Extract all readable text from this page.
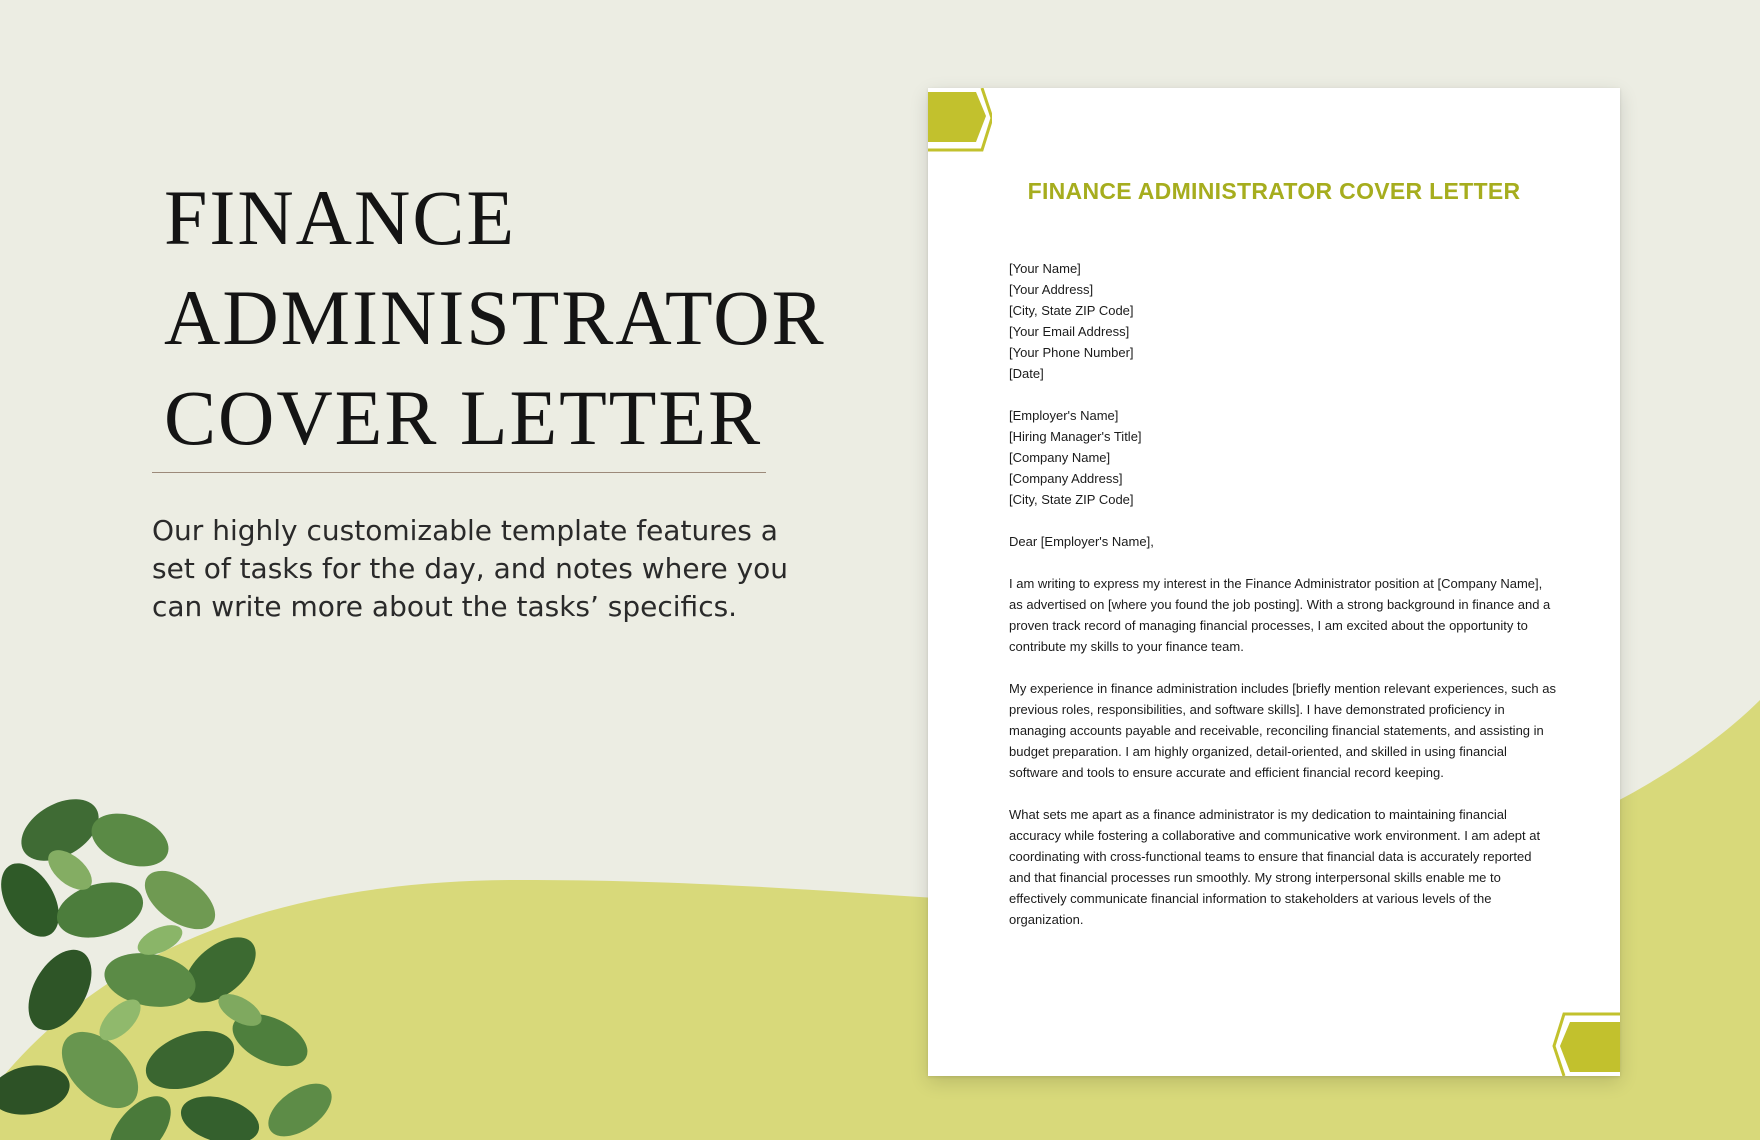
FINANCE
ADMINISTRATOR
COVER LETTER

Our highly customizable template features a set of tasks for the day, and notes where you can write more about the tasks’ specifics.

FINANCE ADMINISTRATOR COVER LETTER
[Your Name]
[Your Address]
[City, State ZIP Code]
[Your Email Address]
[Your Phone Number]
[Date]
[Employer's Name]
[Hiring Manager's Title]
[Company Name]
[Company Address]
[City, State ZIP Code]

Dear [Employer's Name],

I am writing to express my interest in the Finance Administrator position at [Company Name],
as advertised on [where you found the job posting]. With a strong background in finance and a
proven track record of managing financial processes, I am excited about the opportunity to
contribute my skills to your finance team.

My experience in finance administration includes [briefly mention relevant experiences, such as
previous roles, responsibilities, and software skills]. I have demonstrated proficiency in
managing accounts payable and receivable, reconciling financial statements, and assisting in
budget preparation. I am highly organized, detail-oriented, and skilled in using financial
software and tools to ensure accurate and efficient financial record keeping.

What sets me apart as a finance administrator is my dedication to maintaining financial
accuracy while fostering a collaborative and communicative work environment. I am adept at
coordinating with cross-functional teams to ensure that financial data is accurately reported
and that financial processes run smoothly. My strong interpersonal skills enable me to
effectively communicate financial information to stakeholders at various levels of the
organization.
